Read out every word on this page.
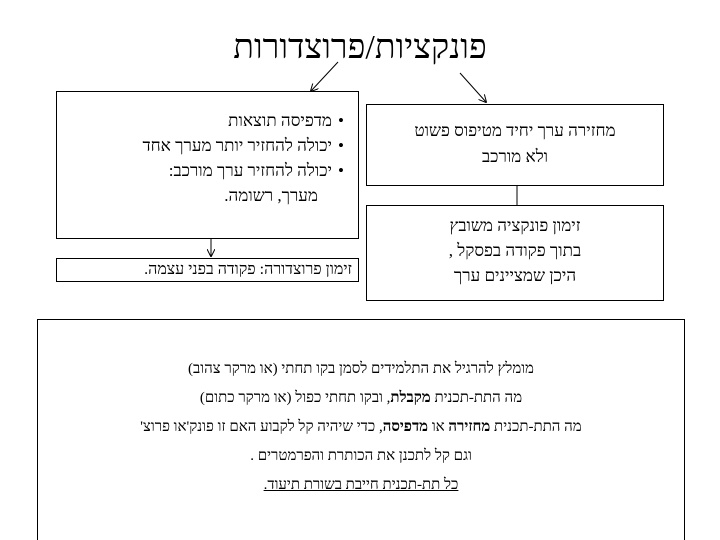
פונקציות/פרוצדורות
•
מדפיסה תוצאות
•
יכולה להחזיר יותר מערך אחד
•
יכולה להחזיר ערך מורכב:
מערך, רשומה.
מחזירה ערך יחיד מטיפוס פשוט
ולא מורכב
זימון פונקציה משובץ
בתוך פקודה בפסקל ,
היכן שמציינים ערך
.זימון פרוצדורה: פקודה בפני עצמה

מומלץ להרגיל את התלמידים לסמן בקו תחתי (או מרקר צהוב)

מה התת-תכנית מקבלת, ובקו תחתי כפול (או מרקר כתום)

מה התת-תכנית מחזירה או מדפיסה, כדי שיהיה קל לקבוע האם זו פונק'או פרוצ'

וגם קל לתכנן את הכותרת והפרמטרים .

כל תת-תכנית חייבת בשורת תיעוד.
